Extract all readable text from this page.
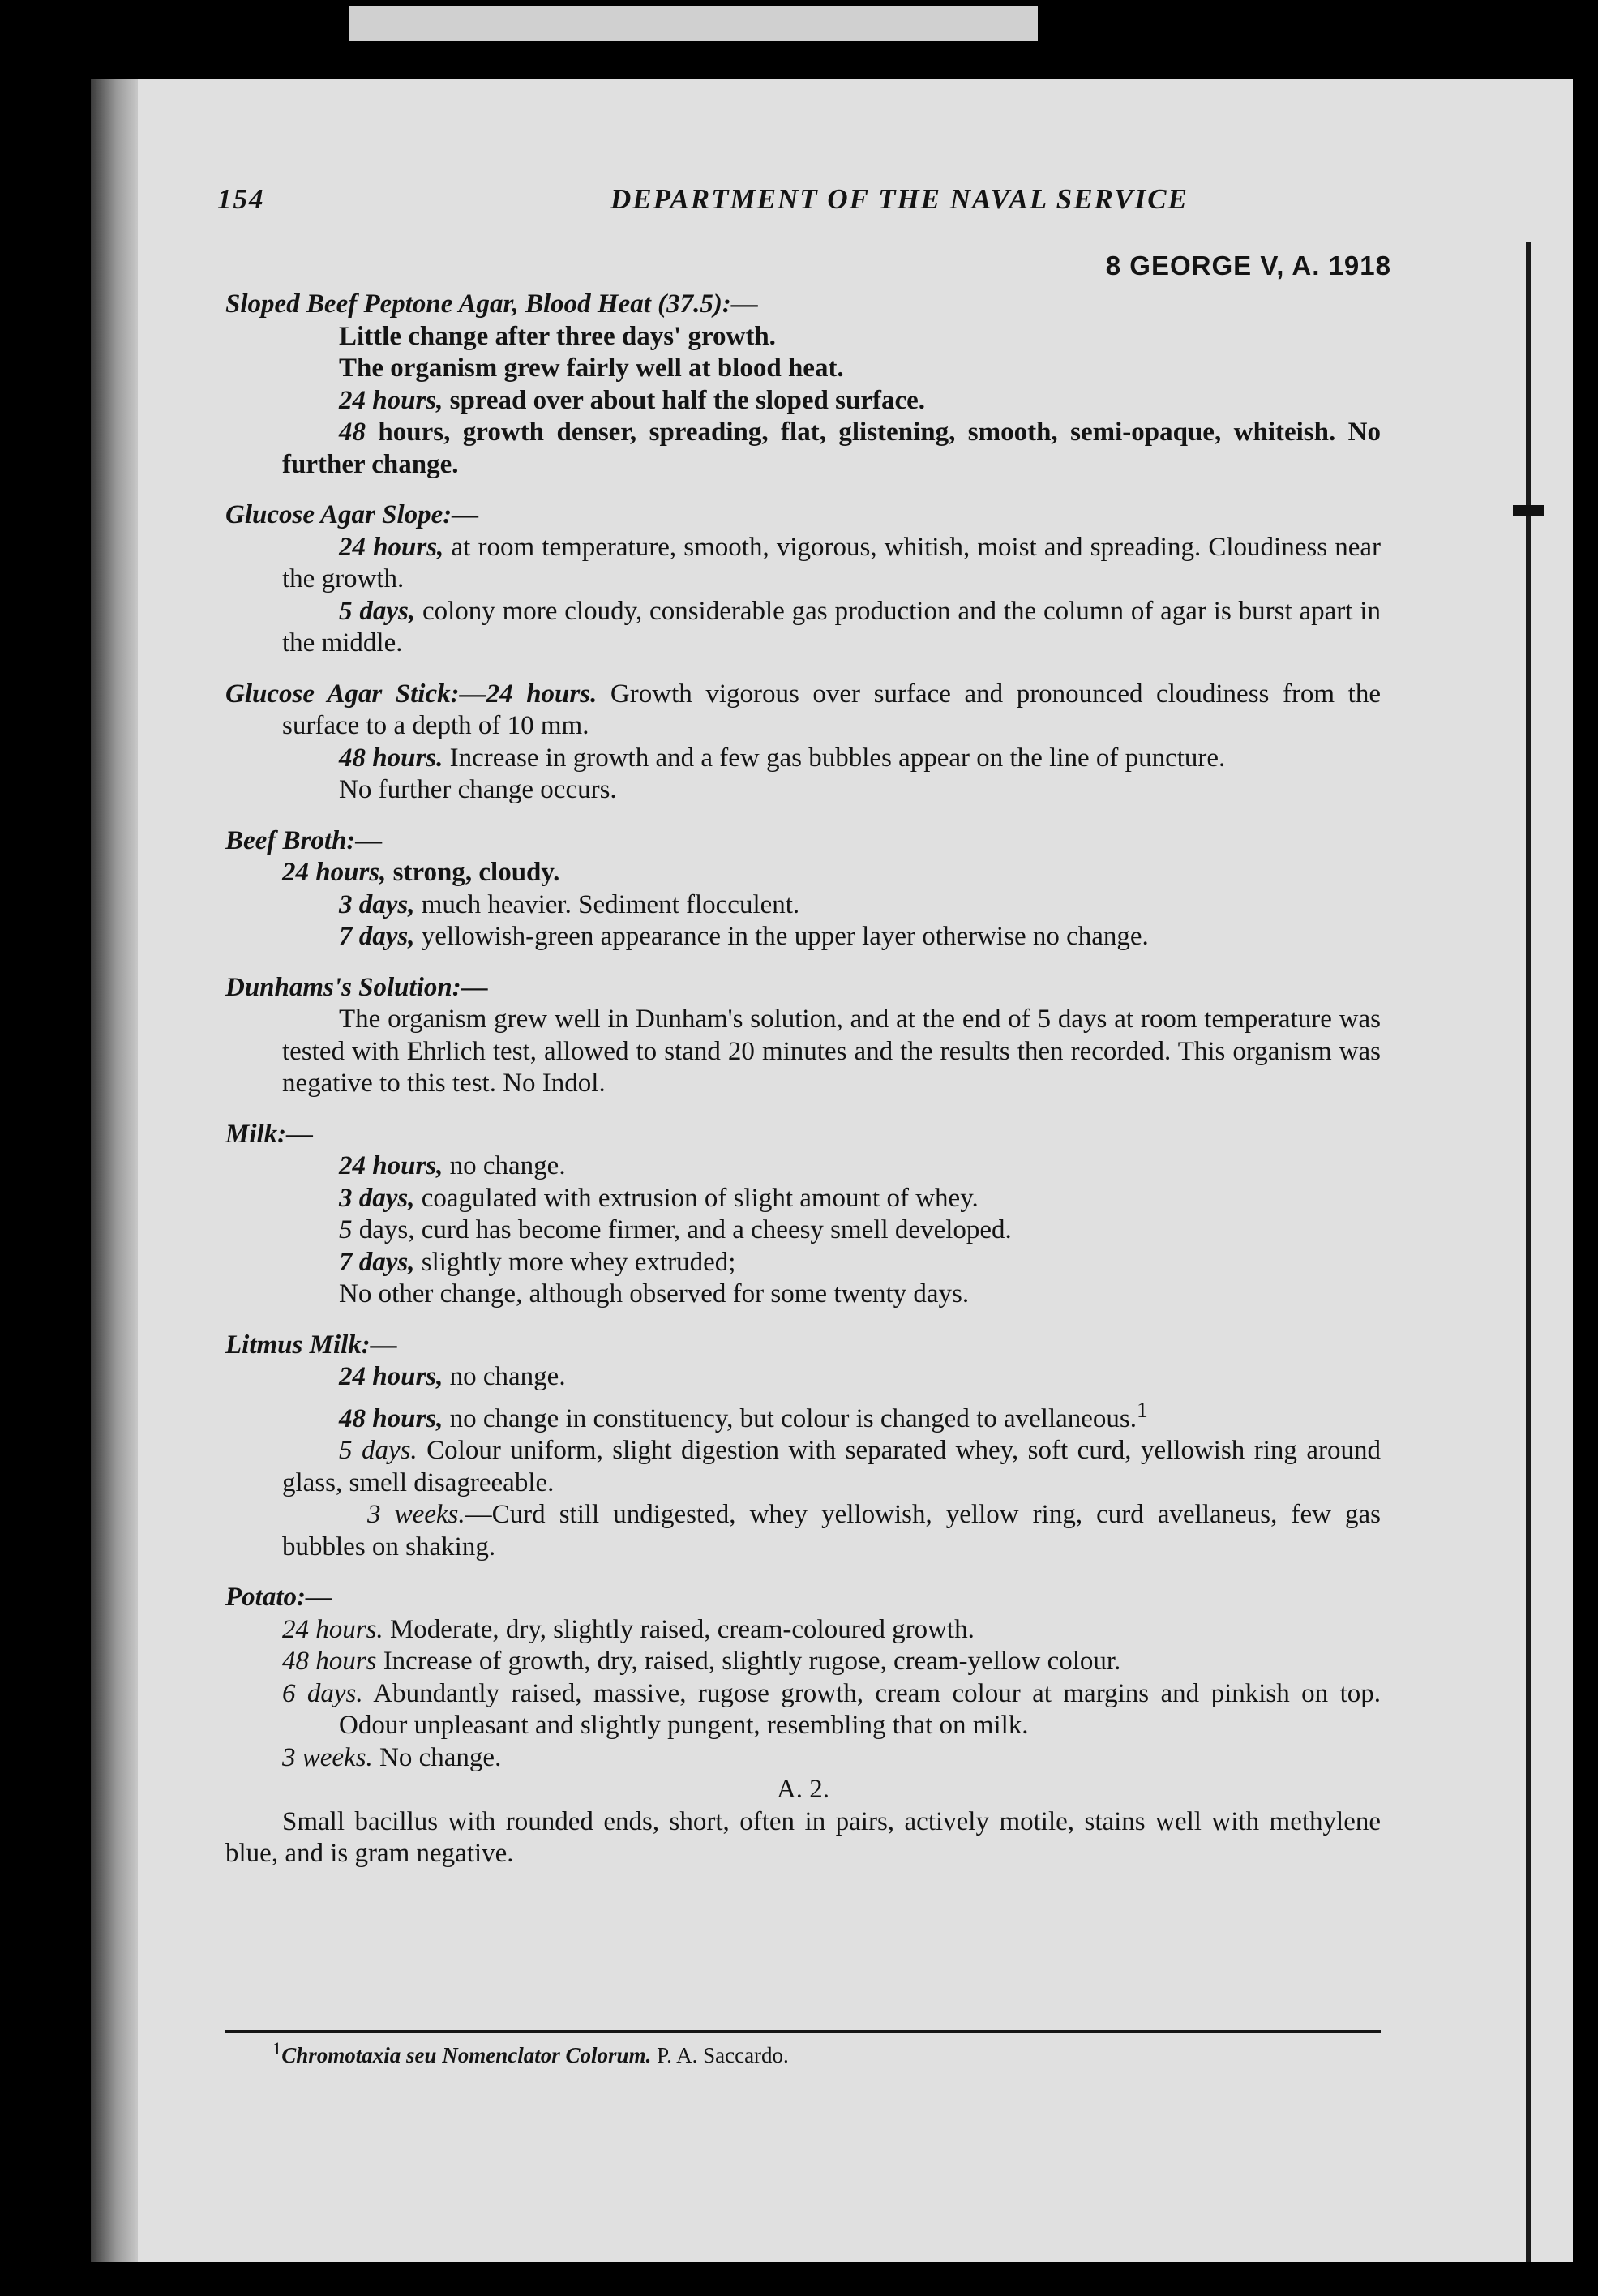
154	DEPARTMENT OF THE NAVAL SERVICE
8 GEORGE V, A. 1918

Sloped Beef Peptone Agar, Blood Heat (37.5):—

Little change after three days' growth.

The organism grew fairly well at blood heat.

24 hours, spread over about half the sloped surface.

48 hours, growth denser, spreading, flat, glistening, smooth, semi-opaque, whiteish. No further change.

Glucose Agar Slope:—

24 hours, at room temperature, smooth, vigorous, whitish, moist and spreading. Cloudiness near the growth.

5 days, colony more cloudy, considerable gas production and the column of agar is burst apart in the middle.

Glucose Agar Stick:—24 hours. Growth vigorous over surface and pronounced cloudiness from the surface to a depth of 10 mm.

48 hours. Increase in growth and a few gas bubbles appear on the line of puncture.

No further change occurs.

Beef Broth:—

24 hours, strong, cloudy.

3 days, much heavier. Sediment flocculent.

7 days, yellowish-green appearance in the upper layer otherwise no change.

Dunhams's Solution:—

The organism grew well in Dunham's solution, and at the end of 5 days at room temperature was tested with Ehrlich test, allowed to stand 20 minutes and the results then recorded. This organism was negative to this test. No Indol.

Milk:—

24 hours, no change.

3 days, coagulated with extrusion of slight amount of whey.

5 days, curd has become firmer, and a cheesy smell developed.

7 days, slightly more whey extruded;

No other change, although observed for some twenty days.

Litmus Milk:—

24 hours, no change.

48 hours, no change in constituency, but colour is changed to avellaneous.$^1$

5 days. Colour uniform, slight digestion with separated whey, soft curd, yellowish ring around glass, smell disagreeable.

3 weeks.—Curd still undigested, whey yellowish, yellow ring, curd avellaneus, few gas bubbles on shaking.

Potato:—

24 hours. Moderate, dry, slightly raised, cream-coloured growth.

48 hours Increase of growth, dry, raised, slightly rugose, cream-yellow colour.

6 days. Abundantly raised, massive, rugose growth, cream colour at margins and pinkish on top. Odour unpleasant and slightly pungent, resembling that on milk.

3 weeks. No change.

A. 2.

Small bacillus with rounded ends, short, often in pairs, actively motile, stains well with methylene blue, and is gram negative.

$^1$Chromotaxia seu Nomenclator Colorum. P. A. Saccardo.
